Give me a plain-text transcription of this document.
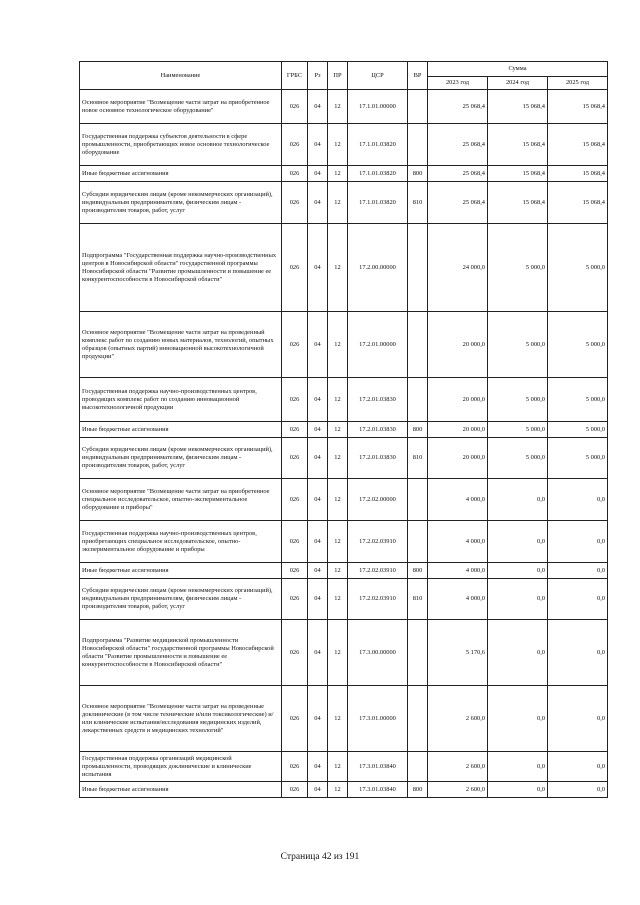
Наименование	ГРБС	Рз	ПР	ЦСР	ВР	Сумма		
						2023 год	2024 год	2025 год
Основное мероприятие "Возмещение части затрат на приобретенное новое основное технологическое оборудование"	026	04	12	17.1.01.00000		25 068,4	15 068,4	15 068,4
Государственная поддержка субъектов деятельности в сфере промышленности, приобретающих новое основное технологическое оборудование	026	04	12	17.1.01.03820		25 068,4	15 068,4	15 068,4
Иные бюджетные ассигнования	026	04	12	17.1.01.03820	800	25 068,4	15 068,4	15 068,4
Субсидии юридическим лицам (кроме некоммерческих организаций), индивидуальным предпринимателям, физическим лицам - производителям товаров, работ, услуг	026	04	12	17.1.01.03820	810	25 068,4	15 068,4	15 068,4
Подпрограмма "Государственная поддержка научно-производственных центров в Новосибирской области" государственной программы Новосибирской области "Развитие промышленности и повышение ее конкурентоспособности в Новосибирской области"	026	04	12	17.2.00.00000		24 000,0	5 000,0	5 000,0
Основное мероприятие "Возмещение части затрат на проведенный комплекс работ по созданию новых материалов, технологий, опытных образцов (опытных партий) инновационной высокотехнологичной продукции"	026	04	12	17.2.01.00000		20 000,0	5 000,0	5 000,0
Государственная поддержка научно-производственных центров, проводящих комплекс работ по созданию инновационной высокотехнологичной продукции	026	04	12	17.2.01.03830		20 000,0	5 000,0	5 000,0
Иные бюджетные ассигнования	026	04	12	17.2.01.03830	800	20 000,0	5 000,0	5 000,0
Субсидии юридическим лицам (кроме некоммерческих организаций), индивидуальным предпринимателям, физическим лицам - производителям товаров, работ, услуг	026	04	12	17.2.01.03830	810	20 000,0	5 000,0	5 000,0
Основное мероприятие "Возмещение части затрат на приобретенное специальное исследовательское, опытно-экспериментальное оборудование и приборы"	026	04	12	17.2.02.00000		4 000,0	0,0	0,0
Государственная поддержка научно-производственных центров, приобретающих специальное исследовательское, опытно-экспериментальное оборудование и приборы	026	04	12	17.2.02.03910		4 000,0	0,0	0,0
Иные бюджетные ассигнования	026	04	12	17.2.02.03910	800	4 000,0	0,0	0,0
Субсидии юридическим лицам (кроме некоммерческих организаций), индивидуальным предпринимателям, физическим лицам - производителям товаров, работ, услуг	026	04	12	17.2.02.03910	810	4 000,0	0,0	0,0
Подпрограмма "Развитие медицинской промышленности Новосибирской области" государственной программы Новосибирской области "Развитие промышленности и повышение ее конкурентоспособности в Новосибирской области"	026	04	12	17.3.00.00000		5 170,6	0,0	0,0
Основное мероприятие "Возмещение части затрат на проведенные доклинические (в том числе технические и/или токсикологические) и/или клинические испытания/исследования медицинских изделий, лекарственных средств и медицинских технологий"	026	04	12	17.3.01.00000		2 600,0	0,0	0,0
Государственная поддержка организаций медицинской промышленности, проводящих доклинические и клинические испытания	026	04	12	17.3.01.03840		2 600,0	0,0	0,0
Иные бюджетные ассигнования	026	04	12	17.3.01.03840	800	2 600,0	0,0	0,0
Страница 42 из 191
